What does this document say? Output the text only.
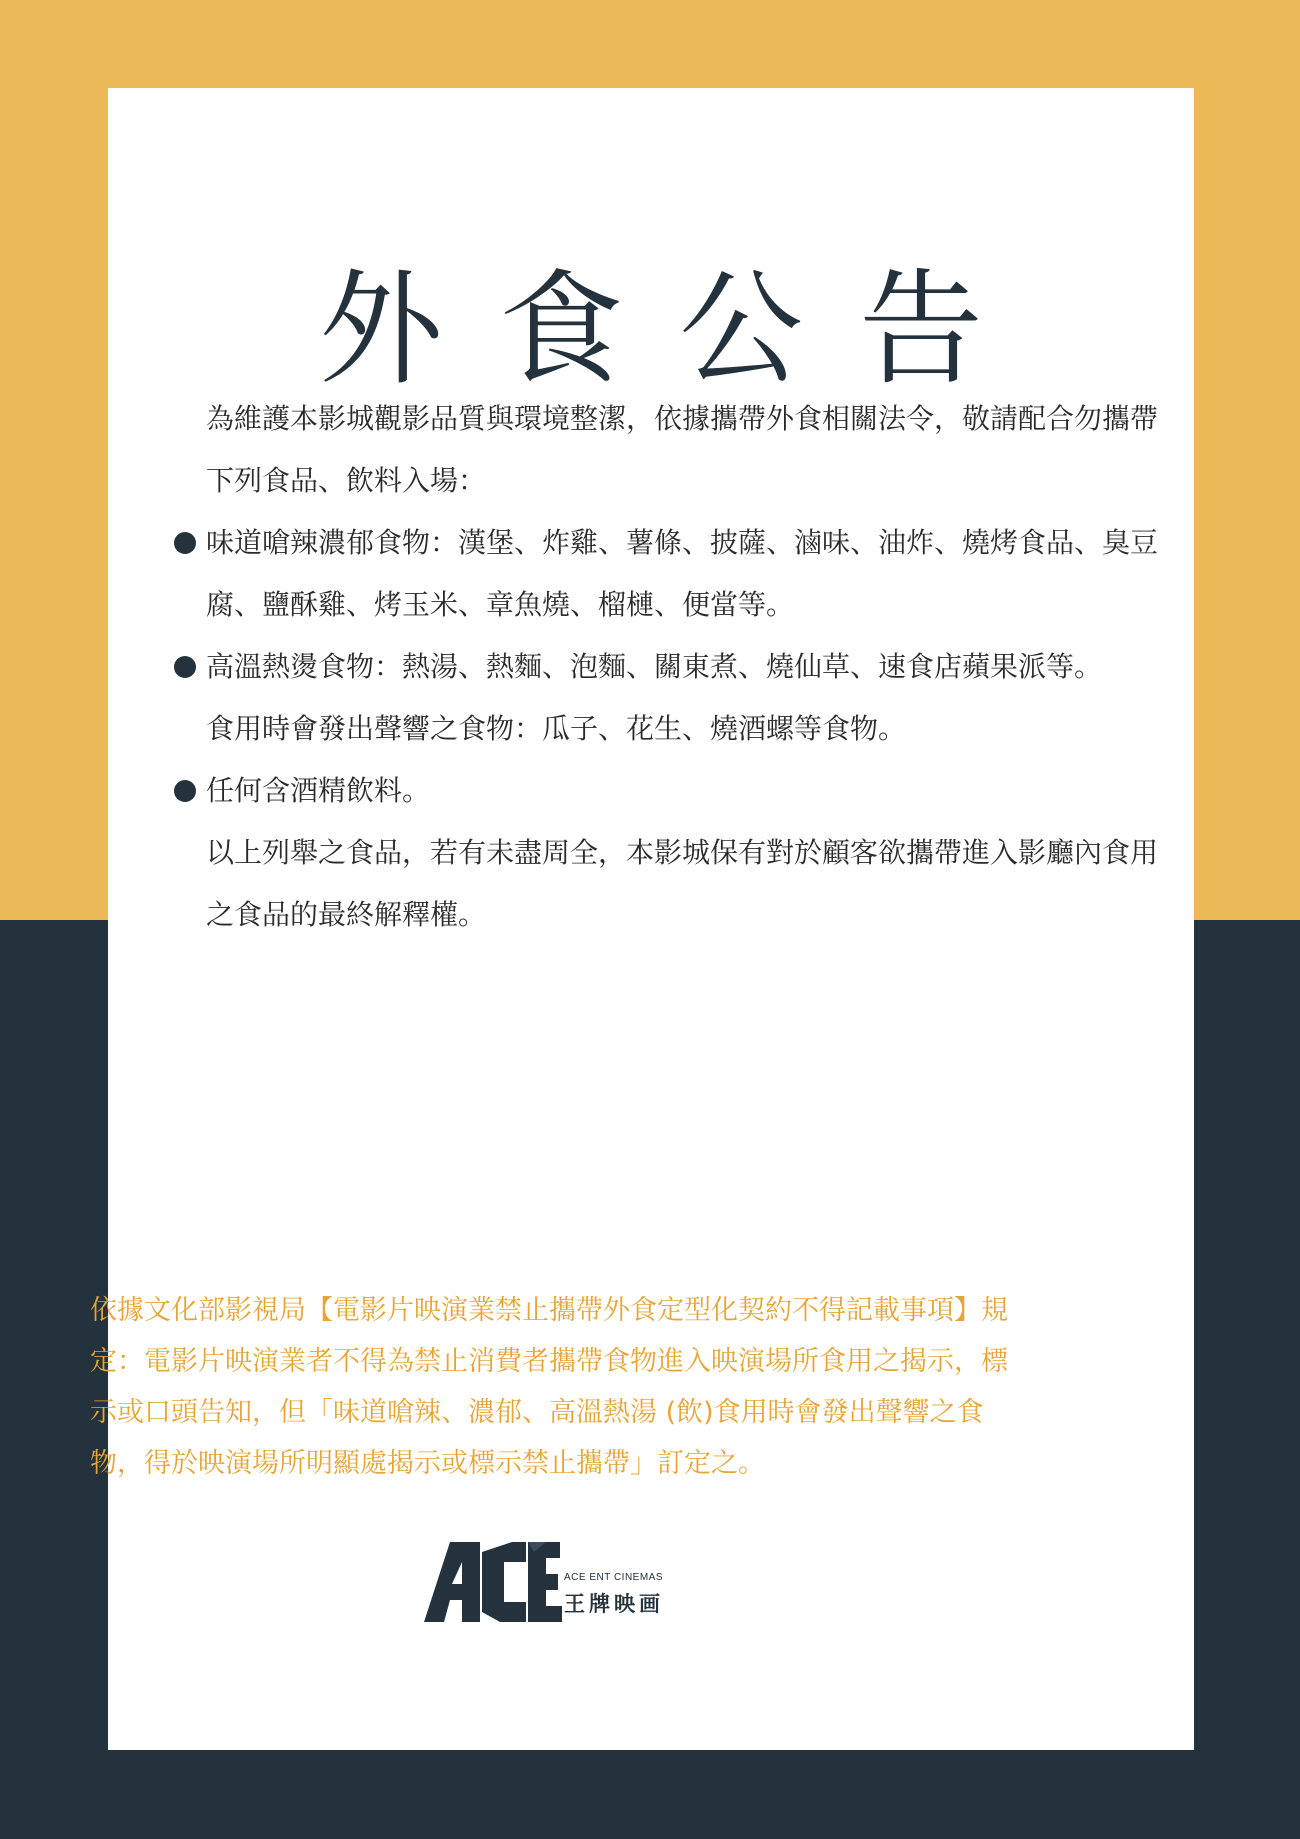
外食公告

為維護本影城觀影品質與環境整潔，依據攜帶外食相關法令，敬請配合勿攜帶下列食品、飲料入場：

味道嗆辣濃郁食物：漢堡、炸雞、薯條、披薩、滷味、油炸、燒烤食品、臭豆腐、鹽酥雞、烤玉米、章魚燒、榴槤、便當等。

高溫熱燙食物：熱湯、熱麵、泡麵、關東煮、燒仙草、速食店蘋果派等。

食用時會發出聲響之食物：瓜子、花生、燒酒螺等食物。

任何含酒精飲料。

以上列舉之食品，若有未盡周全，本影城保有對於顧客欲攜帶進入影廳內食用之食品的最終解釋權。

依據文化部影視局【電影片映演業禁止攜帶外食定型化契約不得記載事項】規定：電影片映演業者不得為禁止消費者攜帶食物進入映演場所食用之揭示，標示或口頭告知，但「味道嗆辣、濃郁、高溫熱湯 (飲)食用時會發出聲響之食物，得於映演場所明顯處揭示或標示禁止攜帶」訂定之。

ACE ENT CINEMAS
王牌映画
